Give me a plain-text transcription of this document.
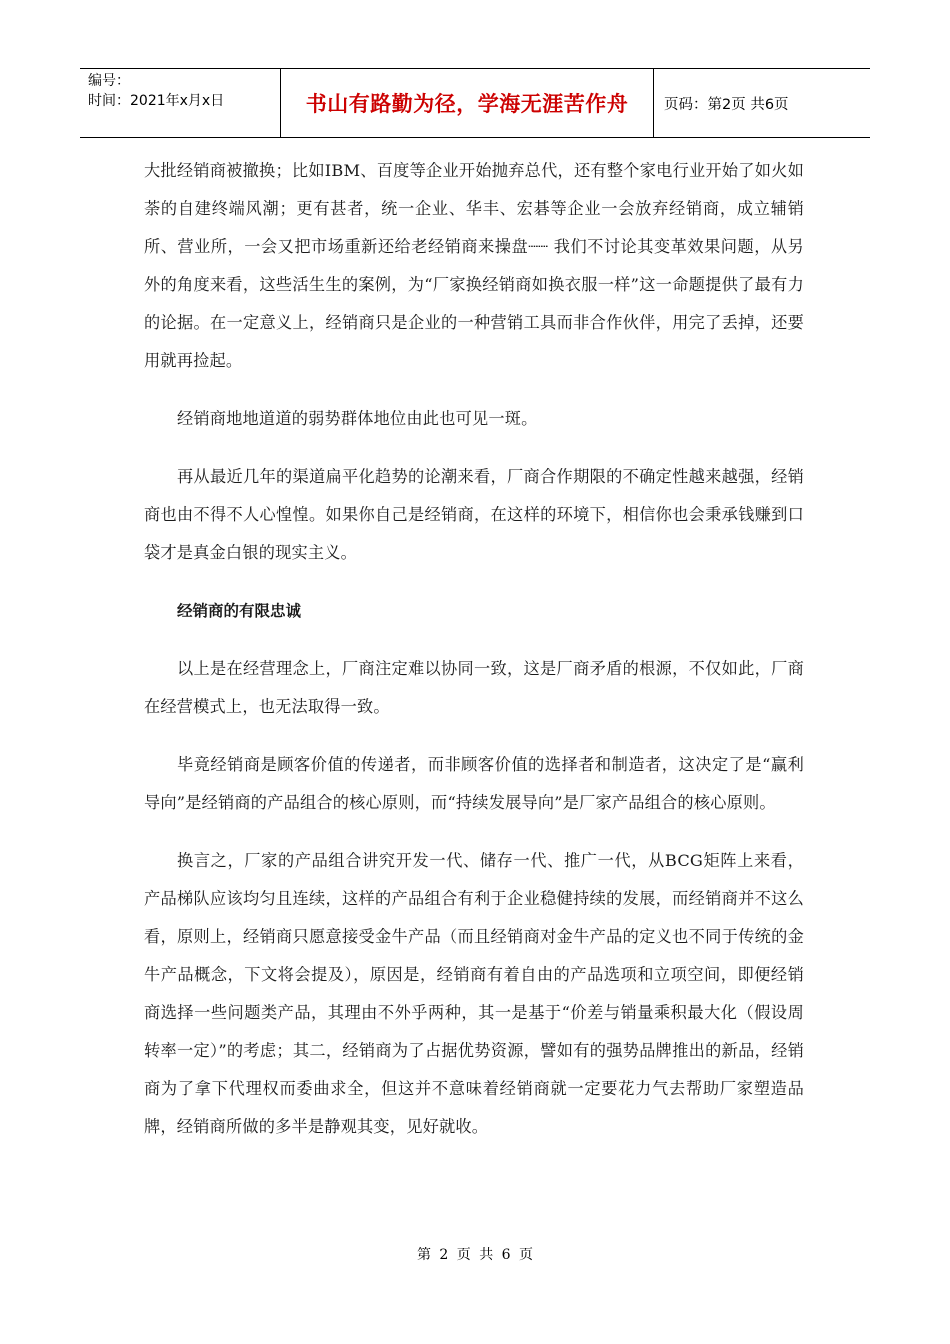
编号：
时间：2021年x月x日	书山有路勤为径，学海无涯苦作舟 页码：第2页 共6页

大批经销商被撤换；比如IBM、百度等企业开始抛弃总代，还有整个家电行业开始了如火如荼的自建终端风潮；更有甚者，统一企业、华丰、宏碁等企业一会放弃经销商，成立辅销所、营业所，一会又把市场重新还给老经销商来操盘┈┈ 我们不讨论其变革效果问题，从另外的角度来看，这些活生生的案例，为“厂家换经销商如换衣服一样”这一命题提供了最有力的论据。在一定意义上，经销商只是企业的一种营销工具而非合作伙伴，用完了丢掉，还要用就再捡起。

经销商地地道道的弱势群体地位由此也可见一斑。

再从最近几年的渠道扁平化趋势的论潮来看，厂商合作期限的不确定性越来越强，经销商也由不得不人心惶惶。如果你自己是经销商，在这样的环境下，相信你也会秉承钱赚到口袋才是真金白银的现实主义。

经销商的有限忠诚

以上是在经营理念上，厂商注定难以协同一致，这是厂商矛盾的根源，不仅如此，厂商在经营模式上，也无法取得一致。

毕竟经销商是顾客价值的传递者，而非顾客价值的选择者和制造者，这决定了是“赢利导向”是经销商的产品组合的核心原则，而“持续发展导向”是厂家产品组合的核心原则。

换言之，厂家的产品组合讲究开发一代、储存一代、推广一代，从BCG矩阵上来看，产品梯队应该均匀且连续，这样的产品组合有利于企业稳健持续的发展，而经销商并不这么看，原则上，经销商只愿意接受金牛产品（而且经销商对金牛产品的定义也不同于传统的金牛产品概念，下文将会提及），原因是，经销商有着自由的产品选项和立项空间，即便经销商选择一些问题类产品，其理由不外乎两种，其一是基于“价差与销量乘积最大化（假设周转率一定）”的考虑；其二，经销商为了占据优势资源，譬如有的强势品牌推出的新品，经销商为了拿下代理权而委曲求全，但这并不意味着经销商就一定要花力气去帮助厂家塑造品牌，经销商所做的多半是静观其变，见好就收。

第 2 页 共 6 页
